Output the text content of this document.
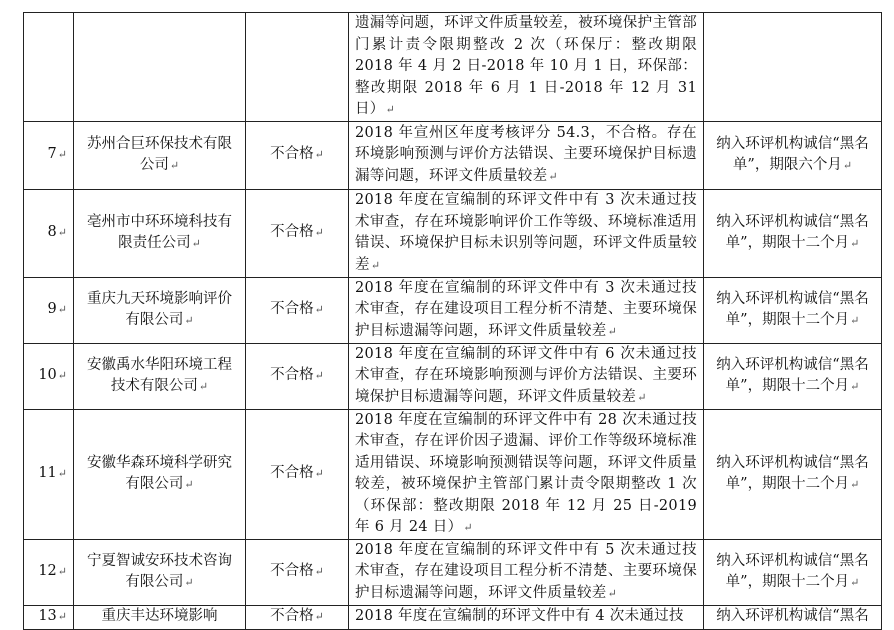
			遗漏等问题，环评文件质量较差，被环境保护主管部门累计责令限期整改 2 次（环保厅：整改期限 2018 年 4 月 2 日-2018 年 10 月 1 日，环保部：整改期限 2018 年 6 月 1 日-2018 年 12 月 31 日）↵	
7↵	苏州合巨环保技术有限公司↵	不合格↵	2018 年宣州区年度考核评分 54.3，不合格。存在环境影响预测与评价方法错误、主要环境保护目标遗漏等问题，环评文件质量较差↵	纳入环评机构诚信“黑名单”，期限六个月↵
8↵	亳州市中环环境科技有限责任公司↵	不合格↵	2018 年度在宣编制的环评文件中有 3 次未通过技术审查，存在环境影响评价工作等级、环境标准适用错误、环境保护目标未识别等问题，环评文件质量较差↵	纳入环评机构诚信“黑名单”，期限十二个月↵
9↵	重庆九天环境影响评价有限公司↵	不合格↵	2018 年度在宣编制的环评文件中有 3 次未通过技术审查，存在建设项目工程分析不清楚、主要环境保护目标遗漏等问题，环评文件质量较差↵	纳入环评机构诚信“黑名单”，期限十二个月↵
10↵	安徽禹水华阳环境工程技术有限公司↵	不合格↵	2018 年度在宣编制的环评文件中有 6 次未通过技术审查，存在环境影响预测与评价方法错误、主要环境保护目标遗漏等问题，环评文件质量较差↵	纳入环评机构诚信“黑名单”，期限十二个月↵
11↵	安徽华森环境科学研究有限公司↵	不合格↵	2018 年度在宣编制的环评文件中有 28 次未通过技术审查，存在评价因子遗漏、评价工作等级环境标准适用错误、环境影响预测错误等问题，环评文件质量较差，被环境保护主管部门累计责令限期整改 1 次（环保部：整改期限 2018 年 12 月 25 日-2019 年 6 月 24 日）↵	纳入环评机构诚信“黑名单”，期限十二个月↵
12↵	宁夏智诚安环技术咨询有限公司↵	不合格↵	2018 年度在宣编制的环评文件中有 5 次未通过技术审查，存在建设项目工程分析不清楚、主要环境保护目标遗漏等问题，环评文件质量较差↵	纳入环评机构诚信“黑名单”，期限十二个月↵
13↵	重庆丰达环境影响	不合格↵	2018 年度在宣编制的环评文件中有 4 次未通过技	纳入环评机构诚信“黑名
